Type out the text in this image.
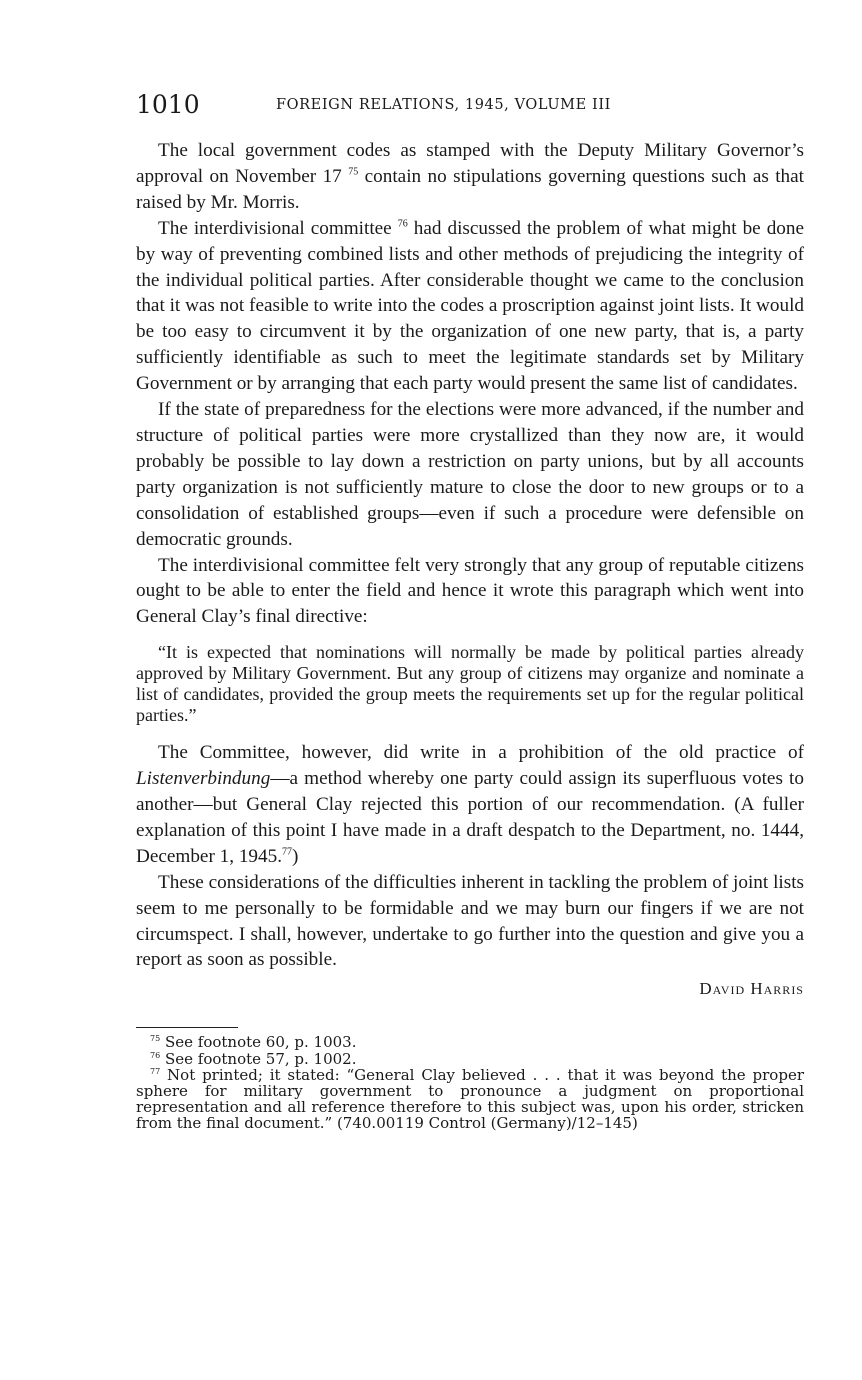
1010	FOREIGN RELATIONS, 1945, VOLUME III

The local government codes as stamped with the Deputy Military Governor’s approval on November 17 $^{75}$ contain no stipulations governing questions such as that raised by Mr. Morris.

The interdivisional committee $^{76}$ had discussed the problem of what might be done by way of preventing combined lists and other methods of prejudicing the integrity of the individual political parties. After considerable thought we came to the conclusion that it was not feasible to write into the codes a proscription against joint lists. It would be too easy to circumvent it by the organization of one new party, that is, a party sufficiently identifiable as such to meet the legitimate standards set by Military Government or by arranging that each party would present the same list of candidates.

If the state of preparedness for the elections were more advanced, if the number and structure of political parties were more crystallized than they now are, it would probably be possible to lay down a restriction on party unions, but by all accounts party organization is not sufficiently mature to close the door to new groups or to a consolidation of established groups—even if such a procedure were defensible on democratic grounds.

The interdivisional committee felt very strongly that any group of reputable citizens ought to be able to enter the field and hence it wrote this paragraph which went into General Clay’s final directive:

“It is expected that nominations will normally be made by political parties already approved by Military Government. But any group of citizens may organize and nominate a list of candidates, provided the group meets the requirements set up for the regular political parties.”

The Committee, however, did write in a prohibition of the old practice of Listenverbindung—a method whereby one party could assign its superfluous votes to another—but General Clay rejected this portion of our recommendation. (A fuller explanation of this point I have made in a draft despatch to the Department, no. 1444, December 1, 1945.77)

These considerations of the difficulties inherent in tackling the problem of joint lists seem to me personally to be formidable and we may burn our fingers if we are not circumspect. I shall, however, undertake to go further into the question and give you a report as soon as possible.

David Harris

$^{75}$ See footnote 60, p. 1003.

$^{76}$ See footnote 57, p. 1002.

$^{77}$ Not printed; it stated: “General Clay believed . . . that it was beyond the proper sphere for military government to pronounce a judgment on proportional representation and all reference therefore to this subject was, upon his order, stricken from the final document.” (740.00119 Control (Germany)/12–145)
